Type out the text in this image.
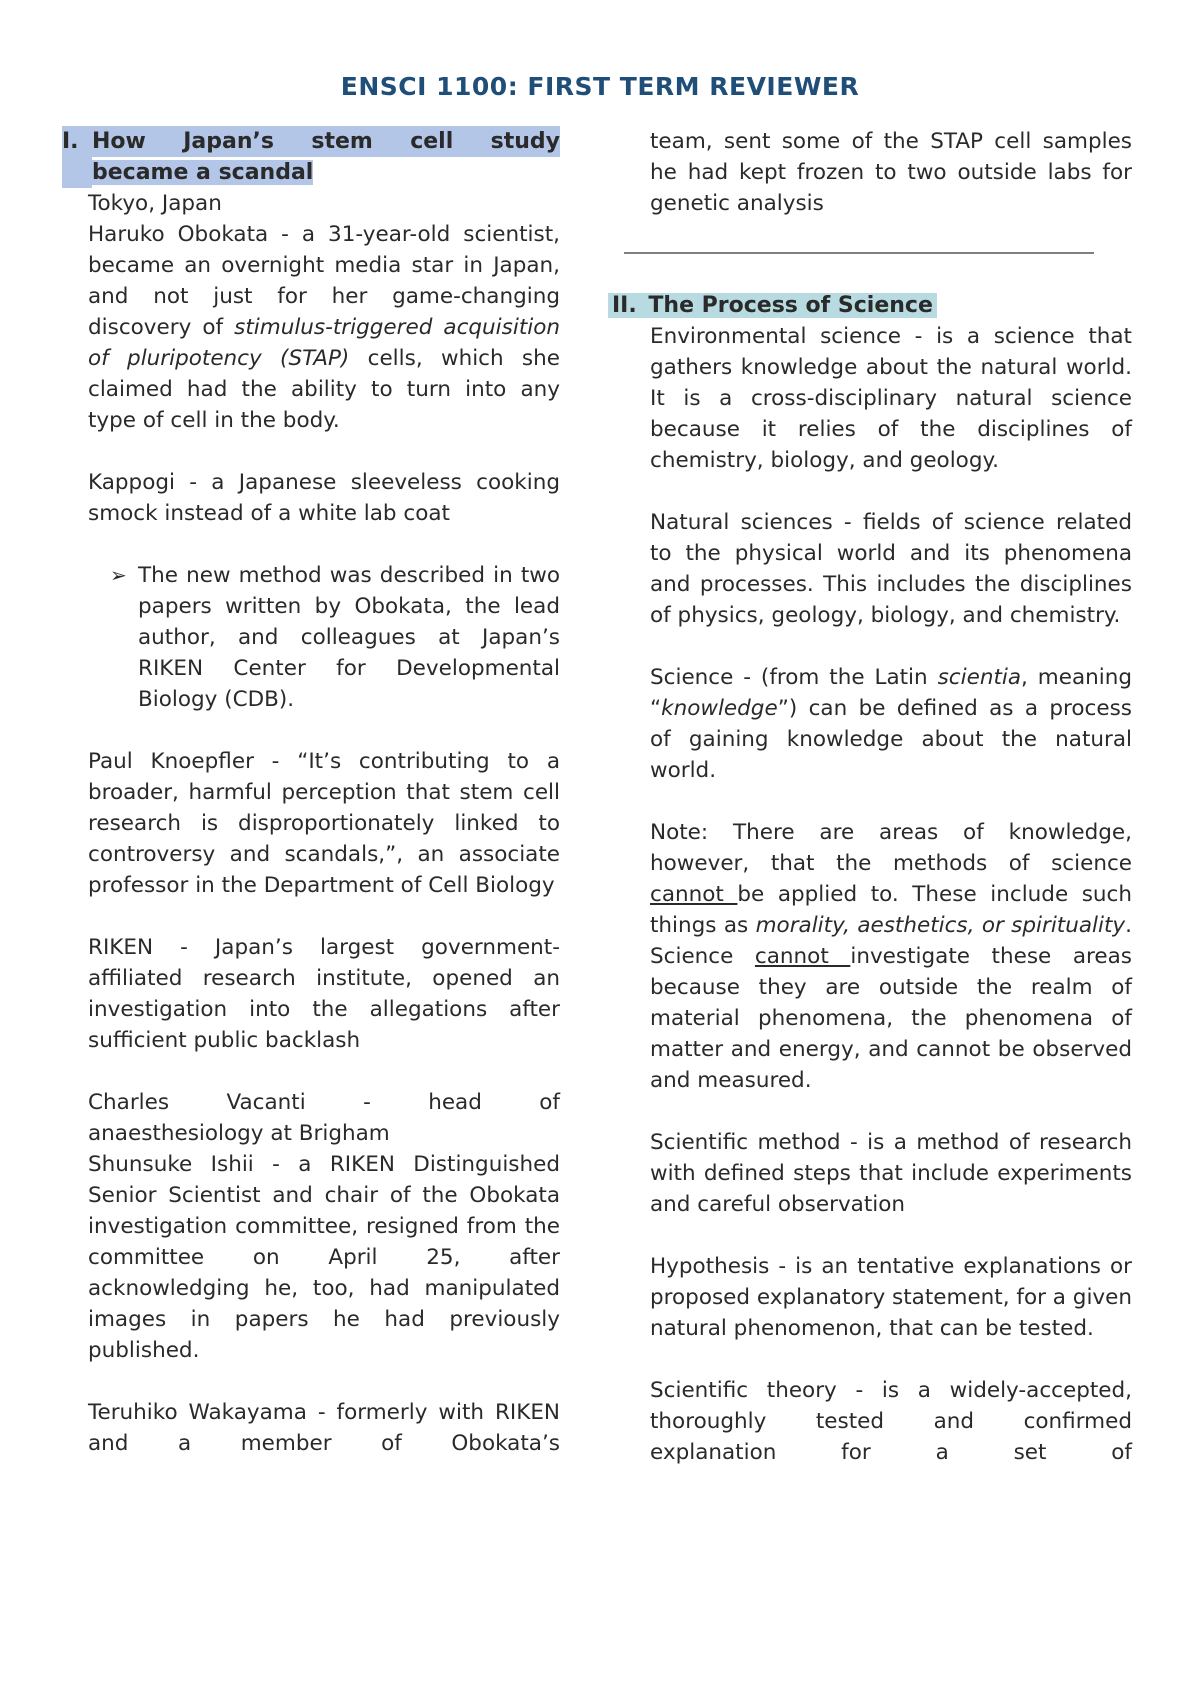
ENSCI 1100: FIRST TERM REVIEWER
I. How Japan’s stem cell study
became a scandal

Tokyo, Japan

Haruko Obokata - a 31-year-old scientist, became an overnight media star in Japan, and not just for her game-changing discovery of stimulus-triggered acquisition of pluripotency (STAP) cells, which she claimed had the ability to turn into any type of cell in the body.

Kappogi - a Japanese sleeveless cooking smock instead of a white lab coat

➢ The new method was described in two papers written by Obokata, the lead author, and colleagues at Japan’s RIKEN Center for Developmental Biology (CDB).

Paul Knoepfler - “It’s contributing to a broader, harmful perception that stem cell research is disproportionately linked to controversy and scandals,”, an associate professor in the Department of Cell Biology

RIKEN - Japan’s largest government-affiliated research institute, opened an investigation into the allegations after sufficient public backlash

Charles Vacanti - head of

anaesthesiology at Brigham

Shunsuke Ishii - a RIKEN Distinguished Senior Scientist and chair of the Obokata investigation committee, resigned from the committee on April 25, after acknowledging he, too, had manipulated images in papers he had previously published.

Teruhiko Wakayama - formerly with RIKEN and a member of Obokata’s

team, sent some of the STAP cell samples he had kept frozen to two outside labs for genetic analysis

II. The Process of Science

Environmental science - is a science that gathers knowledge about the natural world. It is a cross-disciplinary natural science because it relies of the disciplines of chemistry, biology, and geology.

Natural sciences - fields of science related to the physical world and its phenomena and processes. This includes the disciplines of physics, geology, biology, and chemistry.

Science - (from the Latin scientia, meaning “knowledge”) can be defined as a process of gaining knowledge about the natural world.

Note: There are areas of knowledge, however, that the methods of science cannot be applied to. These include such things as morality, aesthetics, or spirituality. Science cannot investigate these areas because they are outside the realm of material phenomena, the phenomena of matter and energy, and cannot be observed and measured.

Scientific method - is a method of research with defined steps that include experiments and careful observation

Hypothesis - is an tentative explanations or proposed explanatory statement, for a given natural phenomenon, that can be tested.

Scientific theory - is a widely-accepted, thoroughly tested and confirmed explanation for a set of
